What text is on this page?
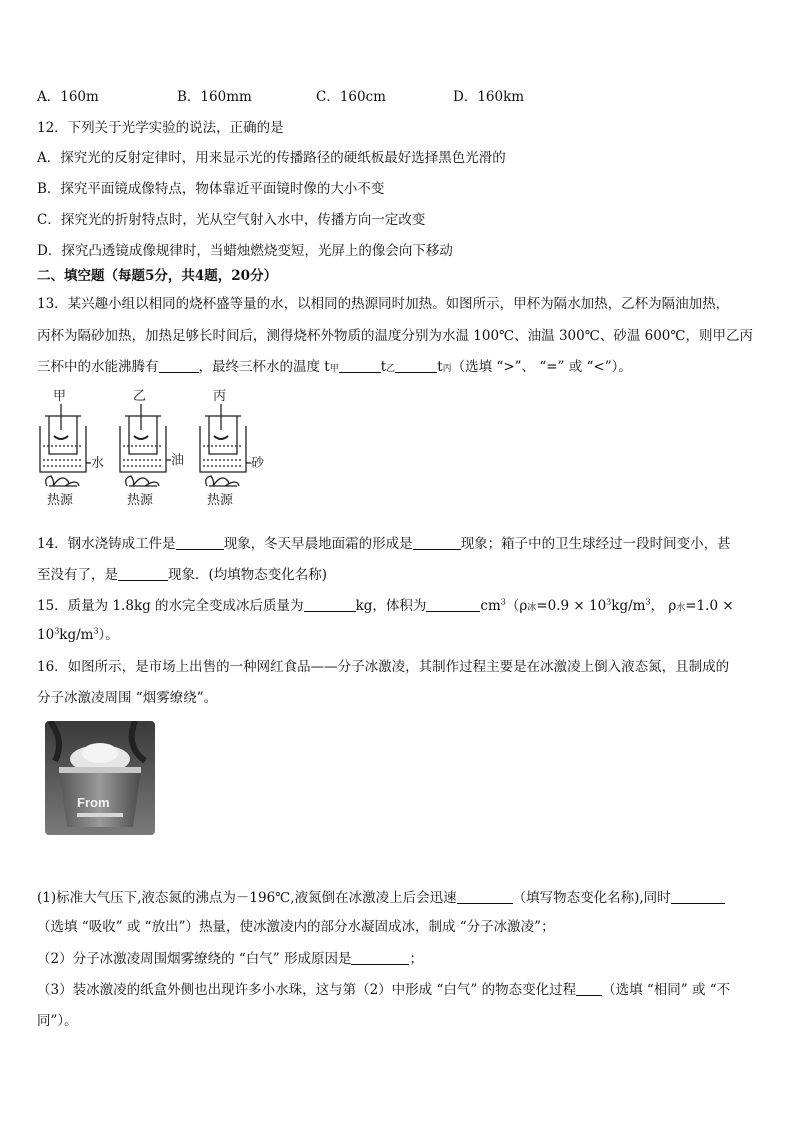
A．160m	B．160mm	C．160cm	D．160km
12．下列关于光学实验的说法，正确的是
A．探究光的反射定律时，用来显示光的传播路径的硬纸板最好选择黑色光滑的
B．探究平面镜成像特点，物体靠近平面镜时像的大小不变
C．探究光的折射特点时，光从空气射入水中，传播方向一定改变
D．探究凸透镜成像规律时，当蜡烛燃烧变短，光屏上的像会向下移动
二、填空题（每题5分，共4题，20分）
13．某兴趣小组以相同的烧杯盛等量的水，以相同的热源同时加热。如图所示，甲杯为隔水加热，乙杯为隔油加热，
丙杯为隔砂加热，加热足够长时间后，测得烧杯外物质的温度分别为水温 100℃、油温 300℃、砂温 600℃，则甲乙丙
三杯中的水能沸腾有	，最终三杯水的温度 t甲	t乙	t丙（选填 “>”、 “=” 或 “<”）。
甲
水
热源
乙
油
热源
丙
砂
热源
14．钢水浇铸成工件是	现象，冬天早晨地面霜的形成是	现象；箱子中的卫生球经过一段时间变小，甚
至没有了，是	现象．(均填物态变化名称)
15．质量为 1.8kg 的水完全变成冰后质量为	kg，体积为	$cm^3(\rho$冰$=0.9 \times 10^3kg/m^3$， ρ水=1.0 ×
$10^3kg/m^3$）。
16．如图所示，是市场上出售的一种网红食品——分子冰激凌，其制作过程主要是在冰激凌上倒入液态氮，且制成的
分子冰激凌周围 “烟雾缭绕”。
From
(1)标准大气压下,液态氮的沸点为－196℃,液氮倒在冰激凌上后会迅速	（填写物态变化名称),同时
（选填 “吸收” 或 “放出”）热量，使冰激凌内的部分水凝固成冰，制成 “分子冰激凌”；
（2）分子冰激凌周围烟雾缭绕的 “白气” 形成原因是	；
（3）装冰激凌的纸盒外侧也出现许多小水珠，这与第（2）中形成 “白气” 的物态变化过程 （选填 “相同” 或 “不
同”）。
